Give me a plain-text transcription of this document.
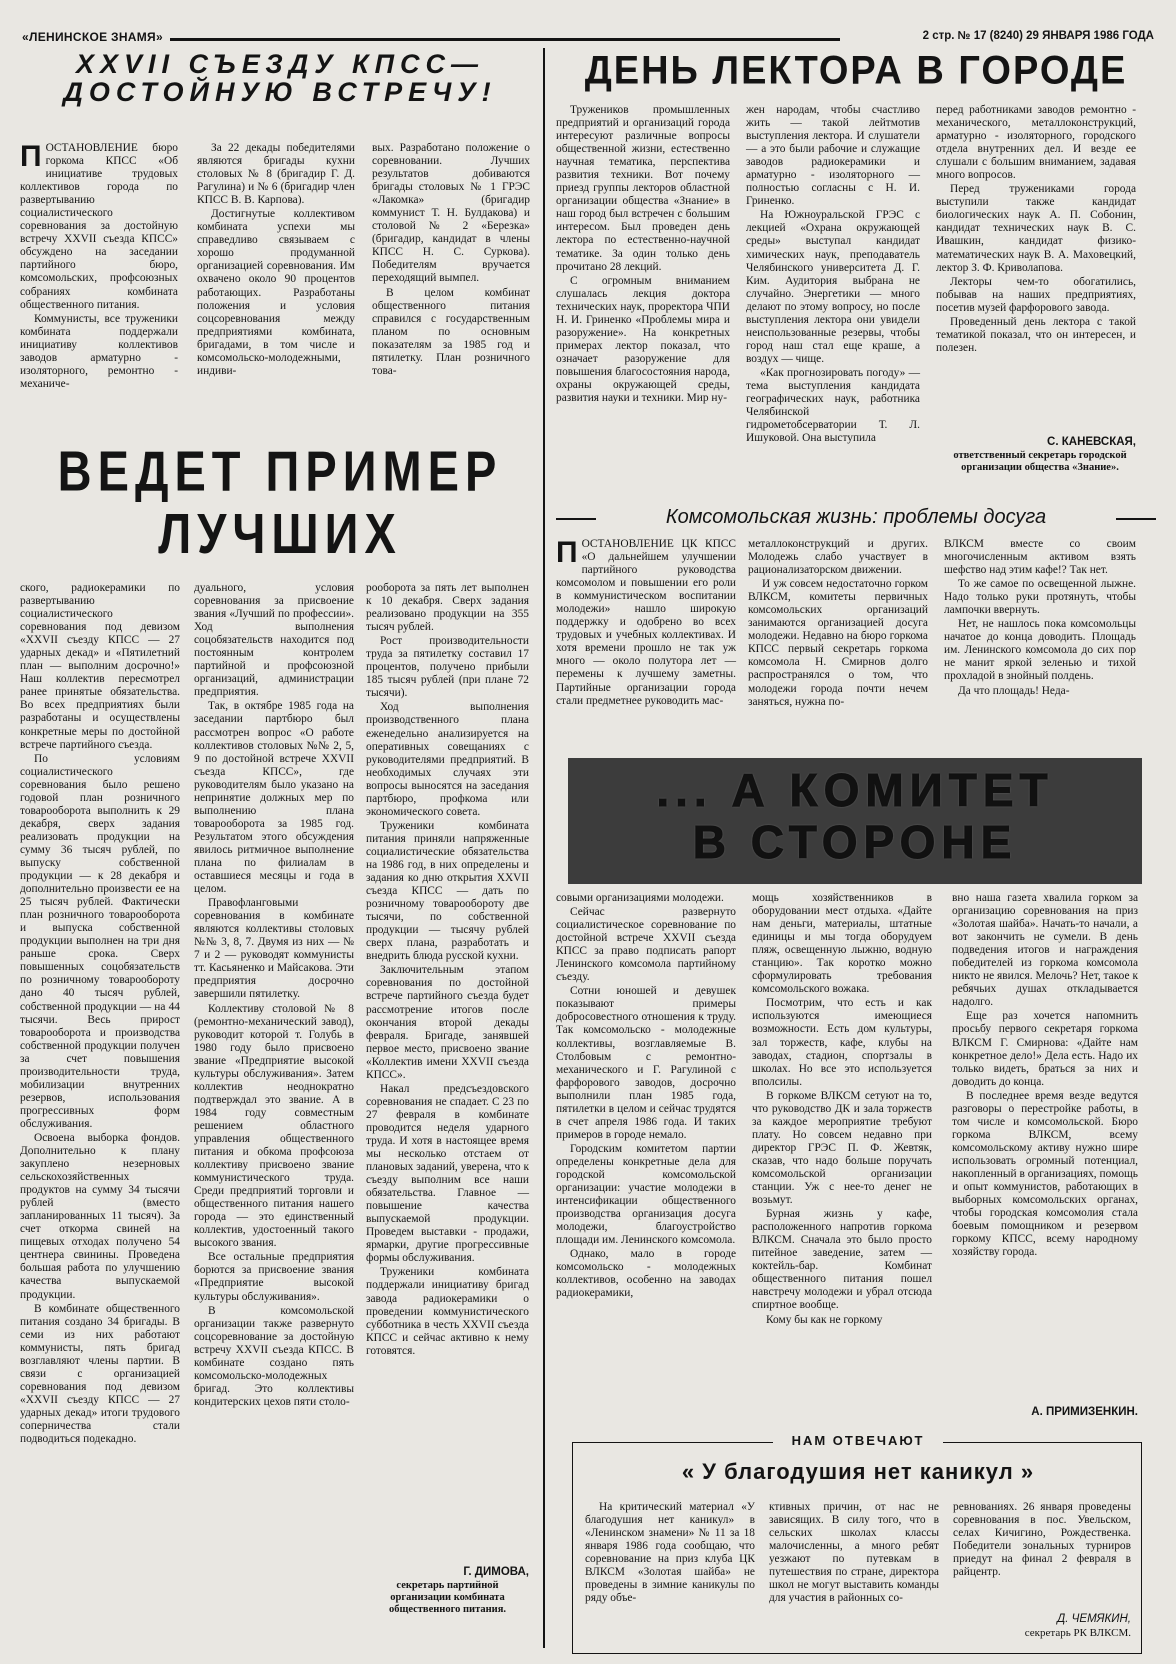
«ЛЕНИНСКОЕ ЗНАМЯ»	2 стр. № 17 (8240) 29 ЯНВАРЯ 1986 ГОДА
XXVII СЪЕЗДУ КПСС—
ДОСТОЙНУЮ ВСТРЕЧУ!

ПОСТАНОВЛЕНИЕ бюро горкома КПСС «Об инициативе трудовых коллективов города по развертыванию социалистического соревнования за достойную встречу XXVII съезда КПСС» обсуждено на заседании партийного бюро, комсомольских, профсоюзных собраниях комбината общественного питания.

Коммунисты, все труженики комбината поддержали инициативу коллективов заводов арматурно - изоляторного, ремонтно - механиче-

За 22 декады победителями являются бригады кухни столовых № 8 (бригадир Г. Д. Рагулина) и № 6 (бригадир член КПСС В. В. Карпова).

Достигнутые коллективом комбината успехи мы справедливо связываем с хорошо продуманной организацией соревнования. Им охвачено около 90 процентов работающих. Разработаны положения и условия соцсоревнования между предприятиями комбината, бригадами, в том числе и комсомольско-молодежными, индиви-

вых. Разработано положение о соревновании. Лучших результатов добиваются бригады столовых № 1 ГРЭС «Лакомка» (бригадир коммунист Т. Н. Булдакова) и столовой № 2 «Березка» (бригадир, кандидат в члены КПСС Н. С. Суркова). Победителям вручается переходящий вымпел.

В целом комбинат общественного питания справился с государственным планом по основным показателям за 1985 год и пятилетку. План розничного това-

ВЕДЕТ ПРИМЕР
ЛУЧШИХ

ского, радиокерамики по развертыванию социалистического соревнования под девизом «XXVII съезду КПСС — 27 ударных декад» и «Пятилетний план — выполним досрочно!» Наш коллектив пересмотрел ранее принятые обязательства. Во всех предприятиях были разработаны и осуществлены конкретные меры по достойной встрече партийного съезда.

По условиям социалистического соревнования было решено годовой план розничного товарооборота выполнить к 29 декабря, сверх задания реализовать продукции на сумму 36 тысяч рублей, по выпуску собственной продукции — к 28 декабря и дополнительно произвести ее на 25 тысяч рублей. Фактически план розничного товарооборота и выпуска собственной продукции выполнен на три дня раньше срока. Сверх повышенных соцобязательств по розничному товарообороту дано 40 тысяч рублей, собственной продукции — на 44 тысячи. Весь прирост товарооборота и производства собственной продукции получен за счет повышения производительности труда, мобилизации внутренних резервов, использования прогрессивных форм обслуживания.

Освоена выборка фондов. Дополнительно к плану закуплено незерновых сельскохозяйственных продуктов на сумму 34 тысячи рублей (вместо запланированных 11 тысяч). За счет откорма свиней на пищевых отходах получено 54 центнера свинины. Проведена большая работа по улучшению качества выпускаемой продукции.

В комбинате общественного питания создано 34 бригады. В семи из них работают коммунисты, пять бригад возглавляют члены партии. В связи с организацией соревнования под девизом «XXVII съезду КПСС — 27 ударных декад» итоги трудового соперничества стали подводиться подекадно.

дуального, условия соревнования за присвоение звания «Лучший по профессии». Ход выполнения соцобязательств находится под постоянным контролем партийной и профсоюзной организаций, администрации предприятия.

Так, в октябре 1985 года на заседании партбюро был рассмотрен вопрос «О работе коллективов столовых №№ 2, 5, 9 по достойной встрече XXVII съезда КПСС», где руководителям было указано на непринятие должных мер по выполнению плана товарооборота за 1985 год. Результатом этого обсуждения явилось ритмичное выполнение плана по филиалам в оставшиеся месяцы и года в целом.

Правофланговыми соревнования в комбинате являются коллективы столовых №№ 3, 8, 7. Двумя из них — № 7 и 2 — руководят коммунисты тт. Касьяненко и Майсакова. Эти предприятия досрочно завершили пятилетку.

Коллективу столовой № 8 (ремонтно-механический завод), руководит которой т. Голубь в 1980 году было присвоено звание «Предприятие высокой культуры обслуживания». Затем коллектив неоднократно подтверждал это звание. А в 1984 году совместным решением областного управления общественного питания и обкома профсоюза коллективу присвоено звание коммунистического труда. Среди предприятий торговли и общественного питания нашего города — это единственный коллектив, удостоенный такого высокого звания.

Все остальные предприятия борются за присвоение звания «Предприятие высокой культуры обслуживания».

В комсомольской организации также развернуто соцсоревнование за достойную встречу XXVII съезда КПСС. В комбинате создано пять комсомольско-молодежных бригад. Это коллективы кондитерских цехов пяти столо-

рооборота за пять лет выполнен к 10 декабря. Сверх задания реализовано продукции на 355 тысяч рублей.

Рост производительности труда за пятилетку составил 17 процентов, получено прибыли 185 тысяч рублей (при плане 72 тысячи).

Ход выполнения производственного плана еженедельно анализируется на оперативных совещаниях с руководителями предприятий. В необходимых случаях эти вопросы выносятся на заседания партбюро, профкома или экономического совета.

Труженики комбината питания приняли напряженные социалистические обязательства на 1986 год, в них определены и задания ко дню открытия XXVII съезда КПСС — дать по розничному товарообороту две тысячи, по собственной продукции — тысячу рублей сверх плана, разработать и внедрить блюда русской кухни.

Заключительным этапом соревнования по достойной встрече партийного съезда будет рассмотрение итогов после окончания второй декады февраля. Бригаде, занявшей первое место, присвоено звание «Коллектив имени XXVII съезда КПСС».

Накал предсъездовского соревнования не спадает. С 23 по 27 февраля в комбинате проводится неделя ударного труда. И хотя в настоящее время мы несколько отстаем от плановых заданий, уверена, что к съезду выполним все наши обязательства. Главное — повышение качества выпускаемой продукции. Проведем выставки - продажи, ярмарки, другие прогрессивные формы обслуживания.

Труженики комбината поддержали инициативу бригад завода радиокерамики о проведении коммунистического субботника в честь XXVII съезда КПСС и сейчас активно к нему готовятся.

Г. ДИМОВА,
секретарь партийной организации комбината общественного питания.
ДЕНЬ ЛЕКТОРА В ГОРОДЕ

Тружеников промышленных предприятий и организаций города интересуют различные вопросы общественной жизни, естественно научная тематика, перспектива развития техники. Вот почему приезд группы лекторов областной организации общества «Знание» в наш город был встречен с большим интересом. Был проведен день лектора по естественно-научной тематике. За один только день прочитано 28 лекций.

С огромным вниманием слушалась лекция доктора технических наук, проректора ЧПИ Н. И. Гриненко «Проблемы мира и разоружение». На конкретных примерах лектор показал, что означает разоружение для повышения благосостояния народа, охраны окружающей среды, развития науки и техники. Мир ну-

жен народам, чтобы счастливо жить — такой лейтмотив выступления лектора. И слушатели — а это были рабочие и служащие заводов радиокерамики и арматурно - изоляторного — полностью согласны с Н. И. Гриненко.

На Южноуральской ГРЭС с лекцией «Охрана окружающей среды» выступал кандидат химических наук, преподаватель Челябинского университета Д. Г. Ким. Аудитория выбрана не случайно. Энергетики — много делают по этому вопросу, но после выступления лектора они увидели неиспользованные резервы, чтобы город наш стал еще краше, а воздух — чище.

«Как прогнозировать погоду» — тема выступления кандидата географических наук, работника Челябинской гидрометобсерватории Т. Л. Ишуковой. Она выступила

перед работниками заводов ремонтно - механического, металлоконструкций, арматурно - изоляторного, городского отдела внутренних дел. И везде ее слушали с большим вниманием, задавая много вопросов.

Перед тружениками города выступили также кандидат биологических наук А. П. Собонин, кандидат технических наук В. С. Ивашкин, кандидат физико-математических наук В. А. Маховецкий, лектор З. Ф. Криволапова.

Лекторы чем-то обогатились, побывав на наших предприятиях, посетив музей фарфорового завода.

Проведенный день лектора с такой тематикой показал, что он интересен, и полезен.

С. КАНЕВСКАЯ,
ответственный секретарь городской организации общества «Знание».
Комсомольская жизнь: проблемы досуга

ПОСТАНОВЛЕНИЕ ЦК КПСС «О дальнейшем улучшении партийного руководства комсомолом и повышении его роли в коммунистическом воспитании молодежи» нашло широкую поддержку и одобрено во всех трудовых и учебных коллективах. И хотя времени прошло не так уж много — около полутора лет — перемены к лучшему заметны. Партийные организации города стали предметнее руководить мас-

металлоконструкций и других. Молодежь слабо участвует в рационализаторском движении.

И уж совсем недостаточно горком ВЛКСМ, комитеты первичных комсомольских организаций занимаются организацией досуга молодежи. Недавно на бюро горкома КПСС первый секретарь горкома комсомола Н. Смирнов долго распространялся о том, что молодежи города почти нечем заняться, нужна по-

ВЛКСМ вместе со своим многочисленным активом взять шефство над этим кафе!? Так нет.

То же самое по освещенной лыжне. Надо только руки протянуть, чтобы лампочки ввернуть.

Нет, не нашлось пока комсомольцы начатое до конца доводить. Площадь им. Ленинского комсомола до сих пор не манит яркой зеленью и тихой прохладой в знойный полдень.

Да что площадь! Неда-

... А КОМИТЕТ
В СТОРОНЕ

совыми организациями молодежи.

Сейчас развернуто социалистическое соревнование по достойной встрече XXVII съезда КПСС за право подписать рапорт Ленинского комсомола партийному съезду.

Сотни юношей и девушек показывают примеры добросовестного отношения к труду. Так комсомольско - молодежные коллективы, возглавляемые В. Столбовым с ремонтно-механического и Г. Рагулиной с фарфорового заводов, досрочно выполнили план 1985 года, пятилетки в целом и сейчас трудятся в счет апреля 1986 года. И таких примеров в городе немало.

Городским комитетом партии определены конкретные дела для городской комсомольской организации: участие молодежи в интенсификации общественного производства организация досуга молодежи, благоустройство площади им. Ленинского комсомола.

Однако, мало в городе комсомольско - молодежных коллективов, особенно на заводах радиокерамики,

мощь хозяйственников в оборудовании мест отдыха. «Дайте нам деньги, материалы, штатные единицы и мы тогда оборудуем пляж, освещенную лыжню, водную станцию». Так коротко можно сформулировать требования комсомольского вожака.

Посмотрим, что есть и как используются имеющиеся возможности. Есть дом культуры, зал торжеств, кафе, клубы на заводах, стадион, спортзалы в школах. Но все это используется вполсилы.

В горкоме ВЛКСМ сетуют на то, что руководство ДК и зала торжеств за каждое мероприятие требуют плату. Но совсем недавно при директор ГРЭС П. Ф. Жевтяк, сказав, что надо больше поручать комсомольской организации станции. Уж с нее-то денег не возьмут.

Бурная жизнь у кафе, расположенного напротив горкома ВЛКСМ. Сначала это было просто питейное заведение, затем — коктейль-бар. Комбинат общественного питания пошел навстречу молодежи и убрал отсюда спиртное вообще.

Кому бы как не горкому

вно наша газета хвалила горком за организацию соревнования на приз «Золотая шайба». Начать-то начали, а вот закончить не сумели. В день подведения итогов и награждения победителей из горкома комсомола никто не явился. Мелочь? Нет, такое к ребячьих душах откладывается надолго.

Еще раз хочется напомнить просьбу первого секретаря горкома ВЛКСМ Г. Смирнова: «Дайте нам конкретное дело!» Дела есть. Надо их только видеть, браться за них и доводить до конца.

В последнее время везде ведутся разговоры о перестройке работы, в том числе и комсомольской. Бюро горкома ВЛКСМ, всему комсомольскому активу нужно шире использовать огромный потенциал, накопленный в организациях, помощь и опыт коммунистов, работающих в выборных комсомольских органах, чтобы городская комсомолия стала боевым помощником и резервом горкому КПСС, всему народному хозяйству города.

А. ПРИМИЗЕНКИН.
НАМ ОТВЕЧАЮТ
« У благодушия нет каникул »

На критический материал «У благодушия нет каникул» в «Ленинском знамени» № 11 за 18 января 1986 года сообщаю, что соревнование на приз клуба ЦК ВЛКСМ «Золотая шайба» не проведены в зимние каникулы по ряду объе-

ктивных причин, от нас не зависящих. В силу того, что в сельских школах классы малочисленны, а много ребят уезжают по путевкам в путешествия по стране, директора школ не могут выставить команды для участия в районных со-

ревнованиях. 26 января проведены соревнования в пос. Увельском, селах Кичигино, Рождественка. Победители зональных турниров приедут на финал 2 февраля в райцентр.

Д. ЧЕМЯКИН,
секретарь РК ВЛКСМ.
